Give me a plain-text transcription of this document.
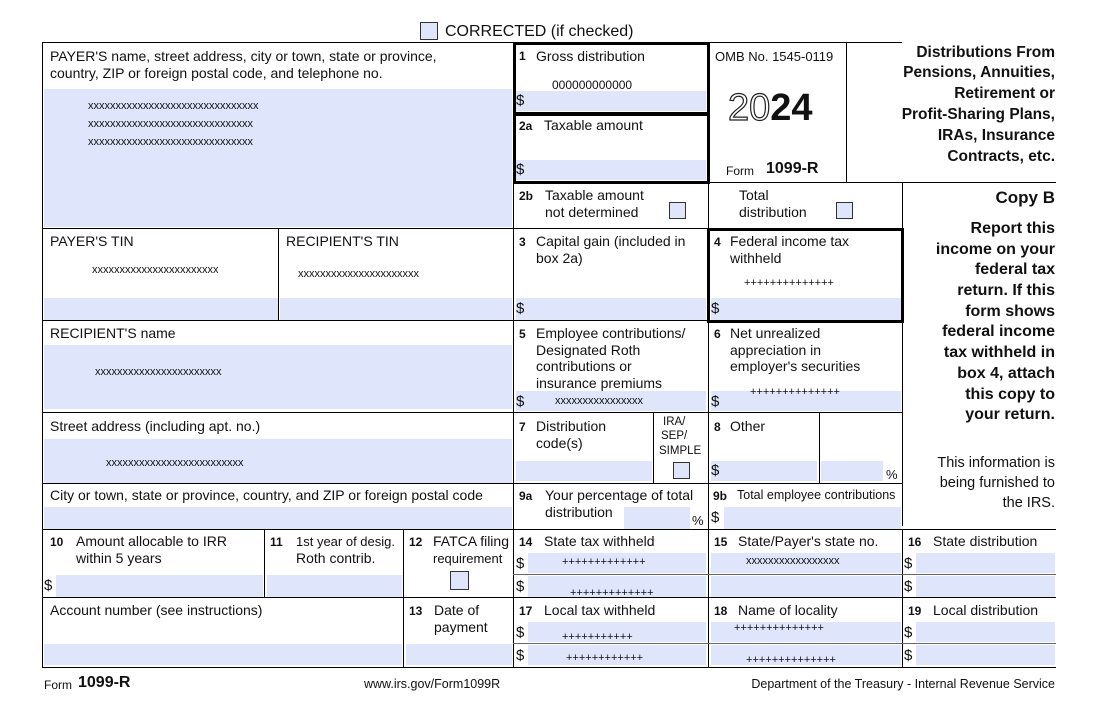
CORRECTED (if checked)
PAYER'S name, street address, city or town, state or province,
country, ZIP or foreign postal code, and telephone no.
xxxxxxxxxxxxxxxxxxxxxxxxxxxxxxx
xxxxxxxxxxxxxxxxxxxxxxxxxxxxxx
xxxxxxxxxxxxxxxxxxxxxxxxxxxxxx
1 Gross distribution
000000000000
$
2a Taxable amount
$
OMB No. 1545-0119
2024
Form 1099-R
Distributions From
Pensions, Annuities,
Retirement or
Profit-Sharing Plans,
IRAs, Insurance
Contracts, etc.
2b Taxable amount
not determined
Total
distribution
Copy B
Report this
income on your
federal tax
return. If this
form shows
federal income
tax withheld in
box 4, attach
this copy to
your return.
This information is
being furnished to
the IRS.
PAYER'S TIN
xxxxxxxxxxxxxxxxxxxxxxx
RECIPIENT'S TIN
xxxxxxxxxxxxxxxxxxxxxx
3 Capital gain (included in
box 2a)
$
4 Federal income tax
withheld
++++++++++++++
$
RECIPIENT'S name
xxxxxxxxxxxxxxxxxxxxxxx
5 Employee contributions/
Designated Roth
contributions or
insurance premiums
$	xxxxxxxxxxxxxxxx
6 Net unrealized
appreciation in
employer's securities
++++++++++++++
$
Street address (including apt. no.)
xxxxxxxxxxxxxxxxxxxxxxxxx
7 Distribution
code(s)
IRA/
SEP/
SIMPLE
8 Other
$	%
City or town, state or province, country, and ZIP or foreign postal code	9a Your percentage of total
distribution
%
9b Total employee contributions
$
10 Amount allocable to IRR
within 5 years
$
11 1st year of desig.
Roth contrib.
12 FATCA filing
requirement
14 State tax withheld
$	+++++++++++++
$	+++++++++++++
15 State/Payer's state no.
xxxxxxxxxxxxxxxxx
16 State distribution
$
$
Account number (see instructions)	13 Date of
payment
17 Local tax withheld
$	+++++++++++
$	++++++++++++
18 Name of locality
++++++++++++++
++++++++++++++
19 Local distribution
$
$
Form 1099-R	www.irs.gov/Form1099R	Department of the Treasury - Internal Revenue Service
